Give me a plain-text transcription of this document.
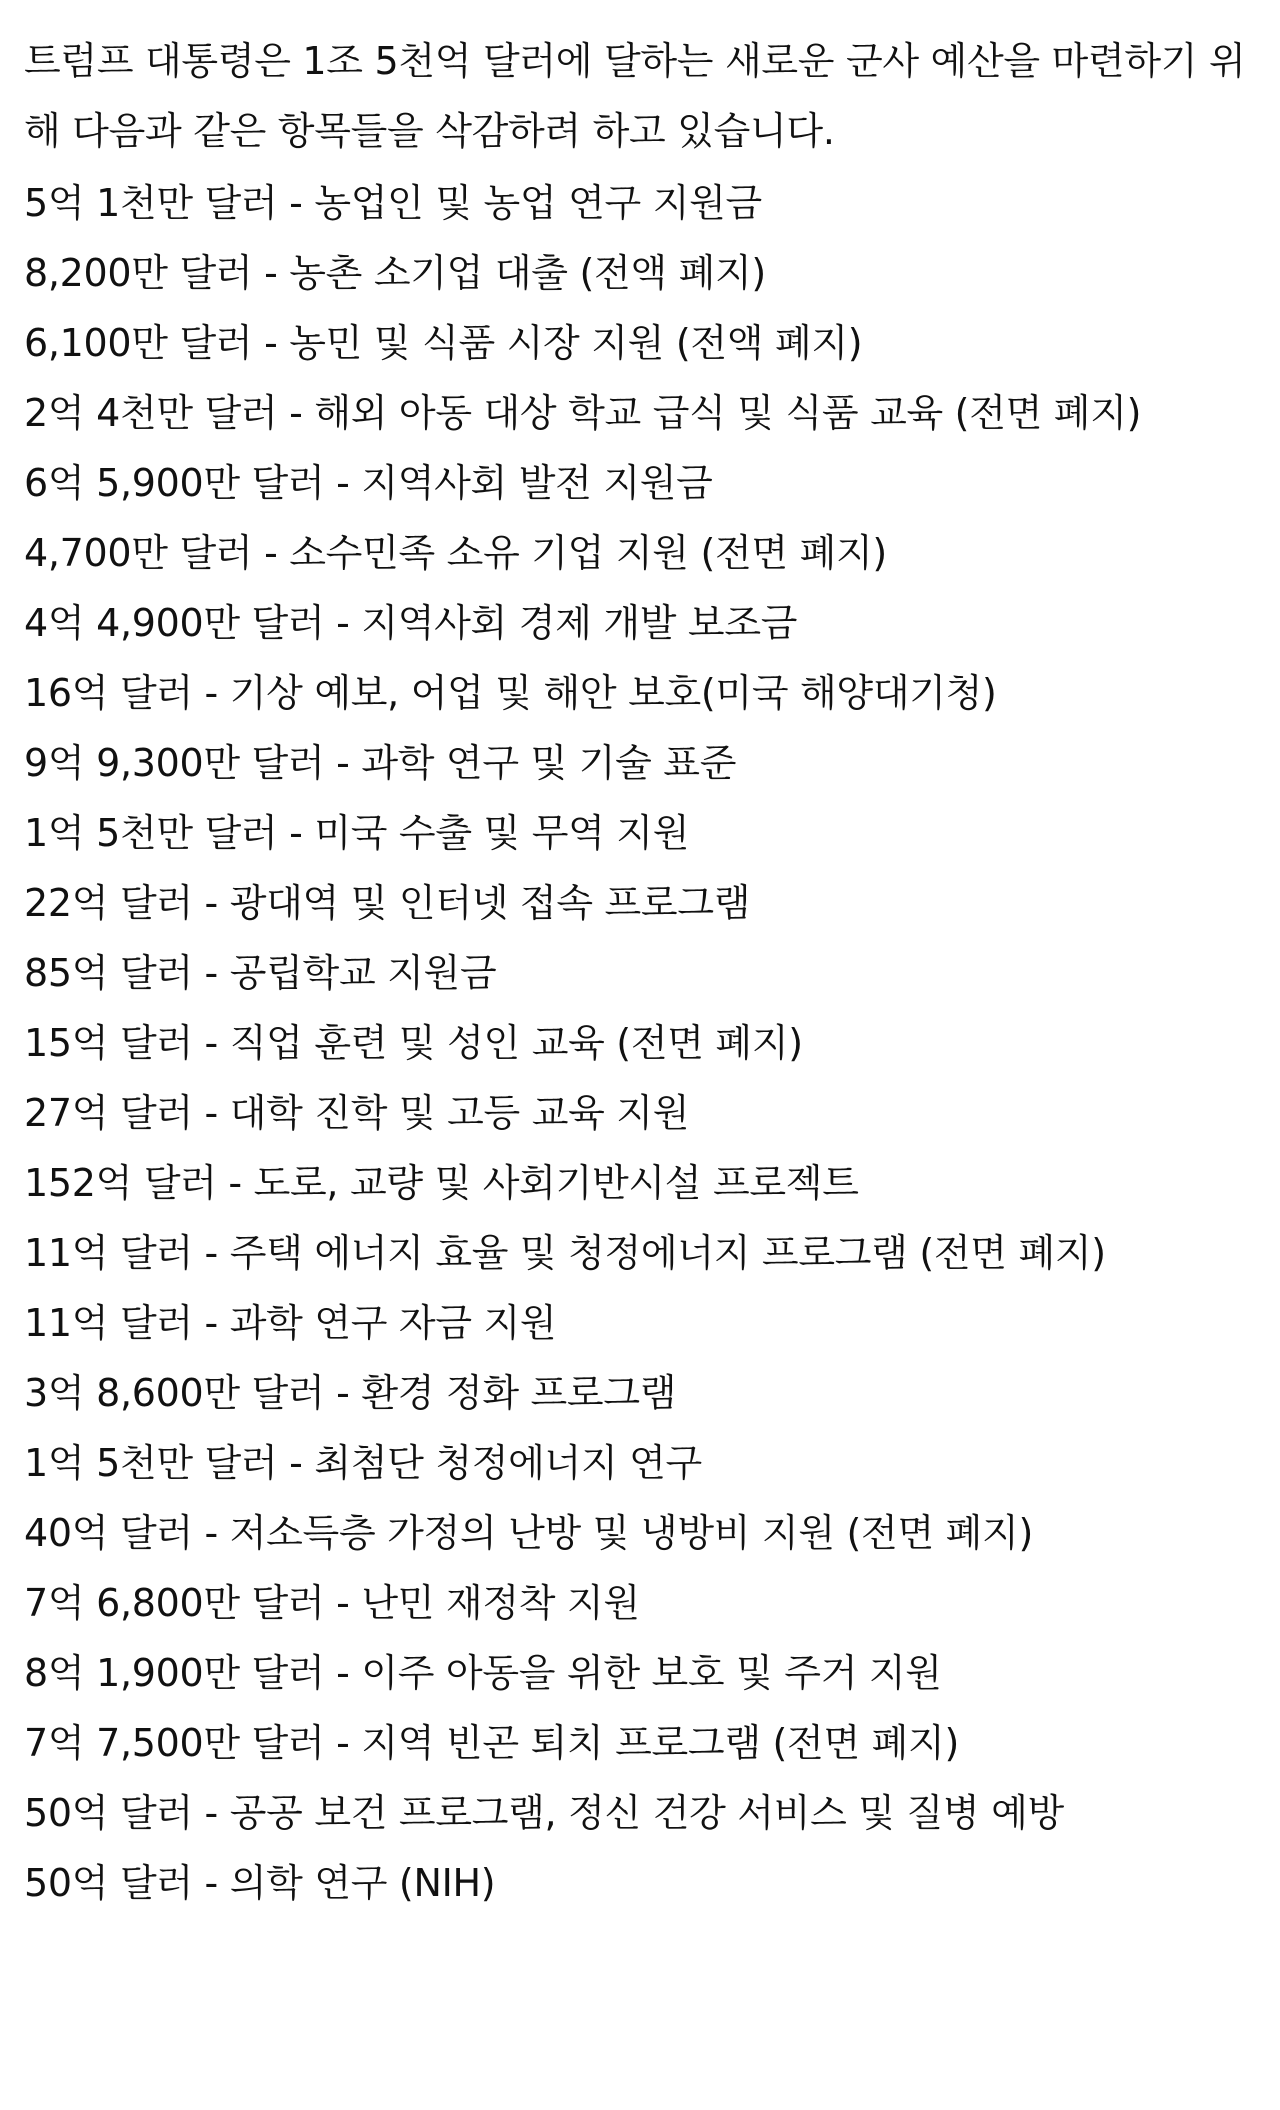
트럼프 대통령은 1조 5천억 달러에 달하는 새로운 군사 예산을 마련하기 위해 다음과 같은 항목들을 삭감하려 하고 있습니다.

5억 1천만 달러 - 농업인 및 농업 연구 지원금
8,200만 달러 - 농촌 소기업 대출 (전액 폐지)
6,100만 달러 - 농민 및 식품 시장 지원 (전액 폐지)
2억 4천만 달러 - 해외 아동 대상 학교 급식 및 식품 교육 (전면 폐지)
6억 5,900만 달러 - 지역사회 발전 지원금
4,700만 달러 - 소수민족 소유 기업 지원 (전면 폐지)
4억 4,900만 달러 - 지역사회 경제 개발 보조금
16억 달러 - 기상 예보, 어업 및 해안 보호(미국 해양대기청)
9억 9,300만 달러 - 과학 연구 및 기술 표준
1억 5천만 달러 - 미국 수출 및 무역 지원
22억 달러 - 광대역 및 인터넷 접속 프로그램
85억 달러 - 공립학교 지원금
15억 달러 - 직업 훈련 및 성인 교육 (전면 폐지)
27억 달러 - 대학 진학 및 고등 교육 지원
152억 달러 - 도로, 교량 및 사회기반시설 프로젝트
11억 달러 - 주택 에너지 효율 및 청정에너지 프로그램 (전면 폐지)
11억 달러 - 과학 연구 자금 지원
3억 8,600만 달러 - 환경 정화 프로그램
1억 5천만 달러 - 최첨단 청정에너지 연구
40억 달러 - 저소득층 가정의 난방 및 냉방비 지원 (전면 폐지)
7억 6,800만 달러 - 난민 재정착 지원
8억 1,900만 달러 - 이주 아동을 위한 보호 및 주거 지원
7억 7,500만 달러 - 지역 빈곤 퇴치 프로그램 (전면 폐지)
50억 달러 - 공공 보건 프로그램, 정신 건강 서비스 및 질병 예방
50억 달러 - 의학 연구 (NIH)
